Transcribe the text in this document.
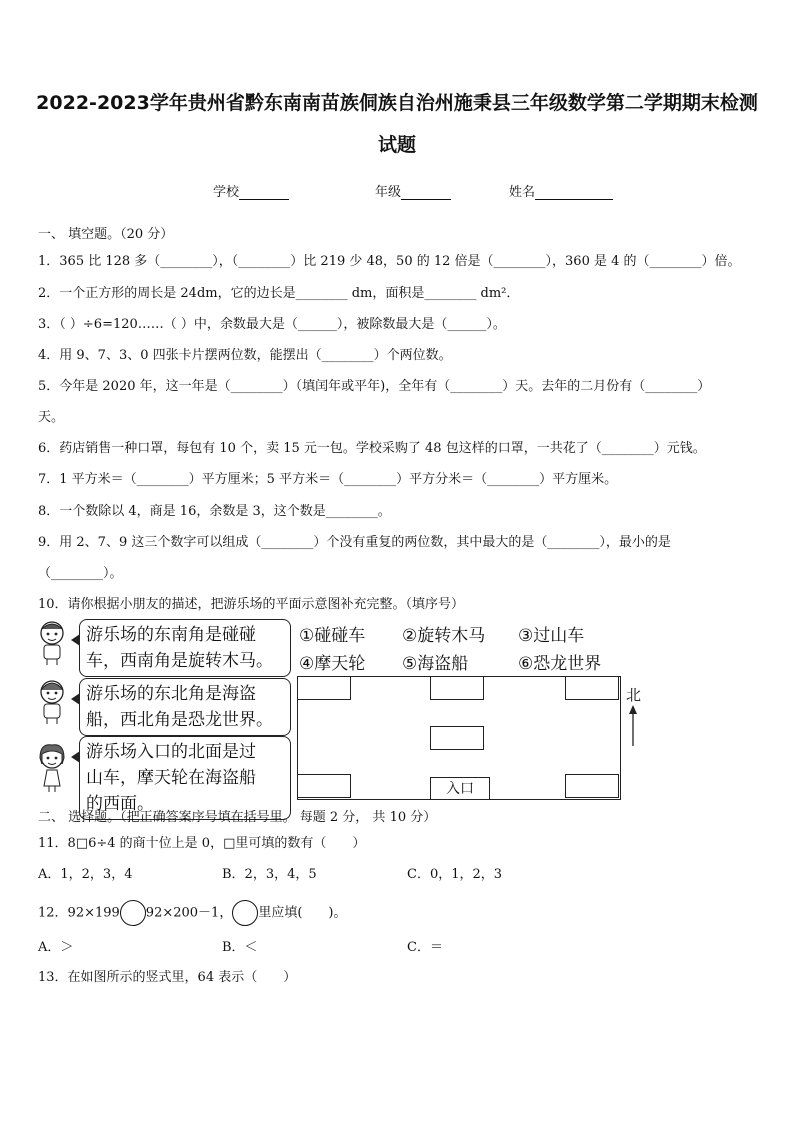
2022-2023学年贵州省黔东南南苗族侗族自治州施秉县三年级数学第二学期期末检测
试题
学校	年级	姓名
一、 填空题。（20 分）
1．365 比 128 多（________），（________）比 219 少 48，50 的 12 倍是（________），360 是 4 的（________）倍。
2．一个正方形的周长是 24dm，它的边长是________ dm，面积是________ dm²．
3．（ ）÷6=120……（ ）中，余数最大是（______），被除数最大是（______）。
4．用 9、7、3、0 四张卡片摆两位数，能摆出（________）个两位数。
5．今年是 2020 年，这一年是（________）（填闰年或平年)，全年有（________）天。去年的二月份有（________）
天。
6．药店销售一种口罩，每包有 10 个，卖 15 元一包。学校采购了 48 包这样的口罩，一共花了（________）元钱。
7．1 平方米＝（________）平方厘米；5 平方米＝（________）平方分米＝（________）平方厘米。
8．一个数除以 4，商是 16，余数是 3，这个数是________。
9．用 2、7、9 这三个数字可以组成（________）个没有重复的两位数，其中最大的是（________），最小的是
（________）。
10．请你根据小朋友的描述，把游乐场的平面示意图补充完整。（填序号）
游乐场的东南角是碰碰
车，西南角是旋转木马。
游乐场的东北角是海盗
船，西北角是恐龙世界。
游乐场入口的北面是过
山车，摩天轮在海盗船
的西面。
①碰碰车 ②旋转木马 ③过山车
④摩天轮 ⑤海盗船	⑥恐龙世界
入口
北
二、 选择题。（把正确答案序号填在括号里。 每题 2 分， 共 10 分）
11．8□6÷4 的商十位上是 0，□里可填的数有（　　）
A．1，2，3，4	B．2，3，4，5	C．0，1，2，3
12．92×199 92×200－1， 里应填(　　)。
A．＞	B．＜	C．＝
13．在如图所示的竖式里，64 表示（　　）
